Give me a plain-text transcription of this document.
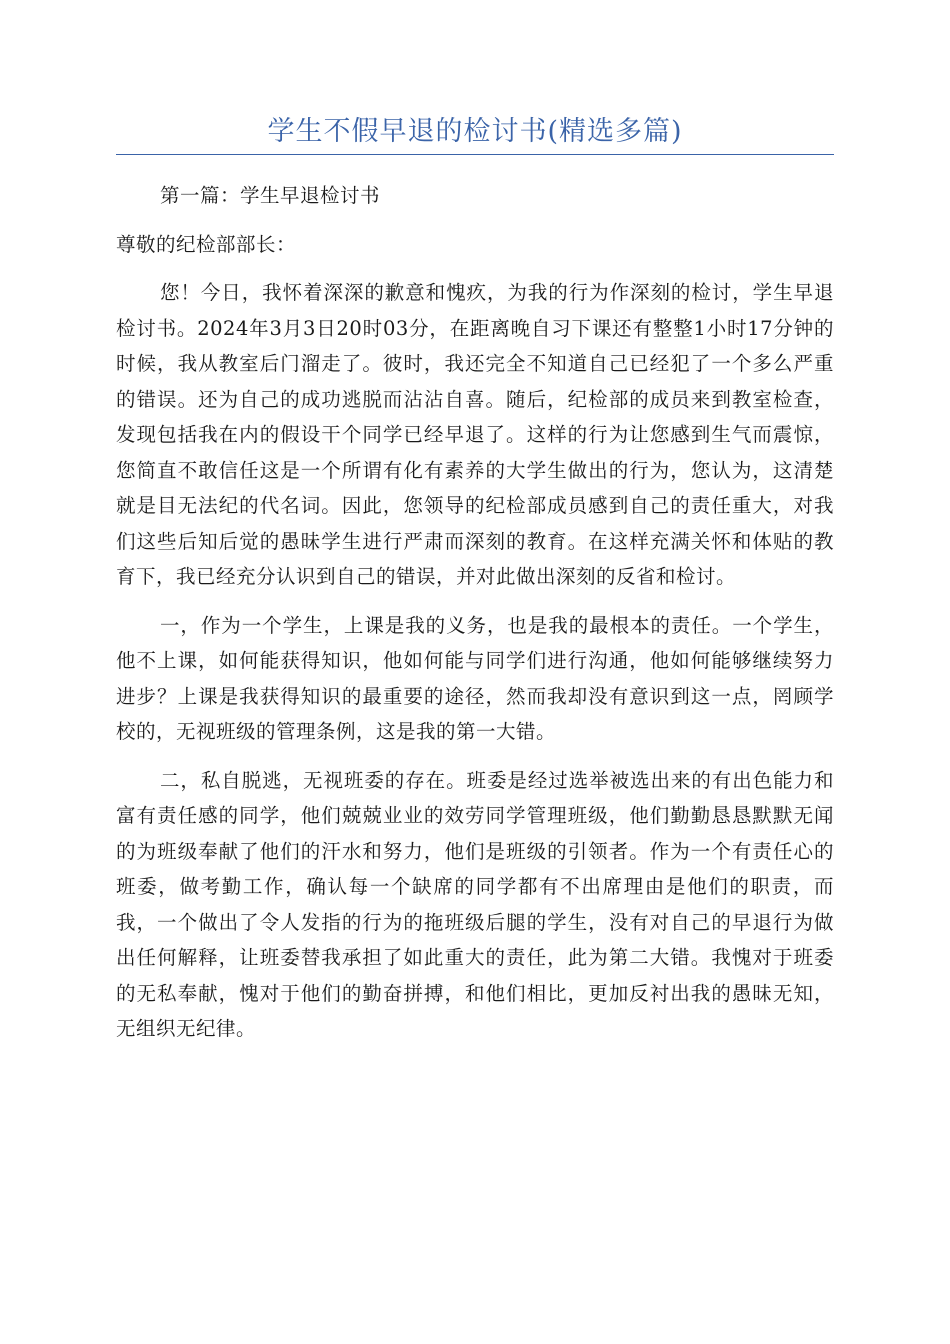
学生不假早退的检讨书(精选多篇)

第一篇：学生早退检讨书

尊敬的纪检部部长：

您！今日，我怀着深深的歉意和愧疚，为我的行为作深刻的检讨，学生早退检讨书。2024年3月3日20时03分，在距离晚自习下课还有整整1小时17分钟的时候，我从教室后门溜走了。彼时，我还完全不知道自己已经犯了一个多么严重的错误。还为自己的成功逃脱而沾沾自喜。随后，纪检部的成员来到教室检查，发现包括我在内的假设干个同学已经早退了。这样的行为让您感到生气而震惊，您简直不敢信任这是一个所谓有化有素养的大学生做出的行为，您认为，这清楚就是目无法纪的代名词。因此，您领导的纪检部成员感到自己的责任重大，对我们这些后知后觉的愚昧学生进行严肃而深刻的教育。在这样充满关怀和体贴的教育下，我已经充分认识到自己的错误，并对此做出深刻的反省和检讨。

一，作为一个学生，上课是我的义务，也是我的最根本的责任。一个学生，他不上课，如何能获得知识，他如何能与同学们进行沟通，他如何能够继续努力进步？上课是我获得知识的最重要的途径，然而我却没有意识到这一点，罔顾学校的，无视班级的管理条例，这是我的第一大错。

二，私自脱逃，无视班委的存在。班委是经过选举被选出来的有出色能力和富有责任感的同学，他们兢兢业业的效劳同学管理班级，他们勤勤恳恳默默无闻的为班级奉献了他们的汗水和努力，他们是班级的引领者。作为一个有责任心的班委，做考勤工作，确认每一个缺席的同学都有不出席理由是他们的职责，而我，一个做出了令人发指的行为的拖班级后腿的学生，没有对自己的早退行为做出任何解释，让班委替我承担了如此重大的责任，此为第二大错。我愧对于班委的无私奉献，愧对于他们的勤奋拼搏，和他们相比，更加反衬出我的愚昧无知，无组织无纪律。
